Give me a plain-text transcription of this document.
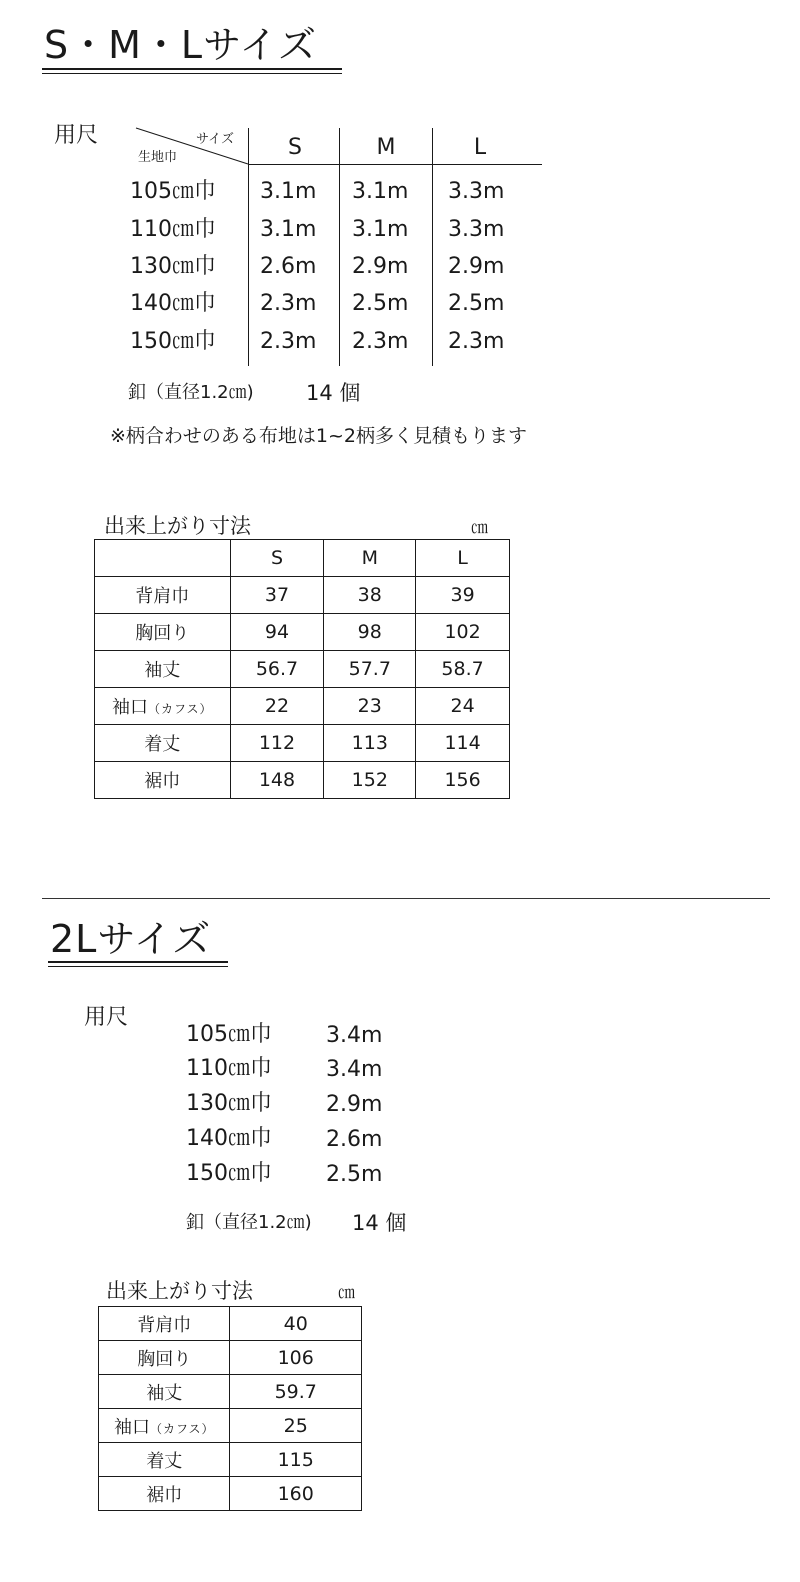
S・M・Lサイズ
用尺	サイズ
生地巾	S	M	L
105㎝巾 3.1m 3.1m 3.3m
110㎝巾 3.1m 3.1m 3.3m
130㎝巾 2.6m 2.9m 2.9m
140㎝巾 2.3m 2.5m 2.5m
150㎝巾 2.3m 2.3m 2.3m
釦（直径1.2㎝) 14 個
※柄合わせのある布地は1~2柄多く見積もります
出来上がり寸法	㎝
	S	M	L
背肩巾	37	38	39
胸回り	94	98	102
袖丈	56.7	57.7	58.7
袖口（カフス）	22	23	24
着丈	112	113	114
裾巾	148	152	156
2Lサイズ
用尺
105㎝巾 3.4m
110㎝巾 3.4m
130㎝巾 2.9m
140㎝巾 2.6m
150㎝巾 2.5m
釦（直径1.2㎝) 14 個
出来上がり寸法	㎝
背肩巾	40
胸回り	106
袖丈	59.7
袖口（カフス）	25
着丈	115
裾巾	160
